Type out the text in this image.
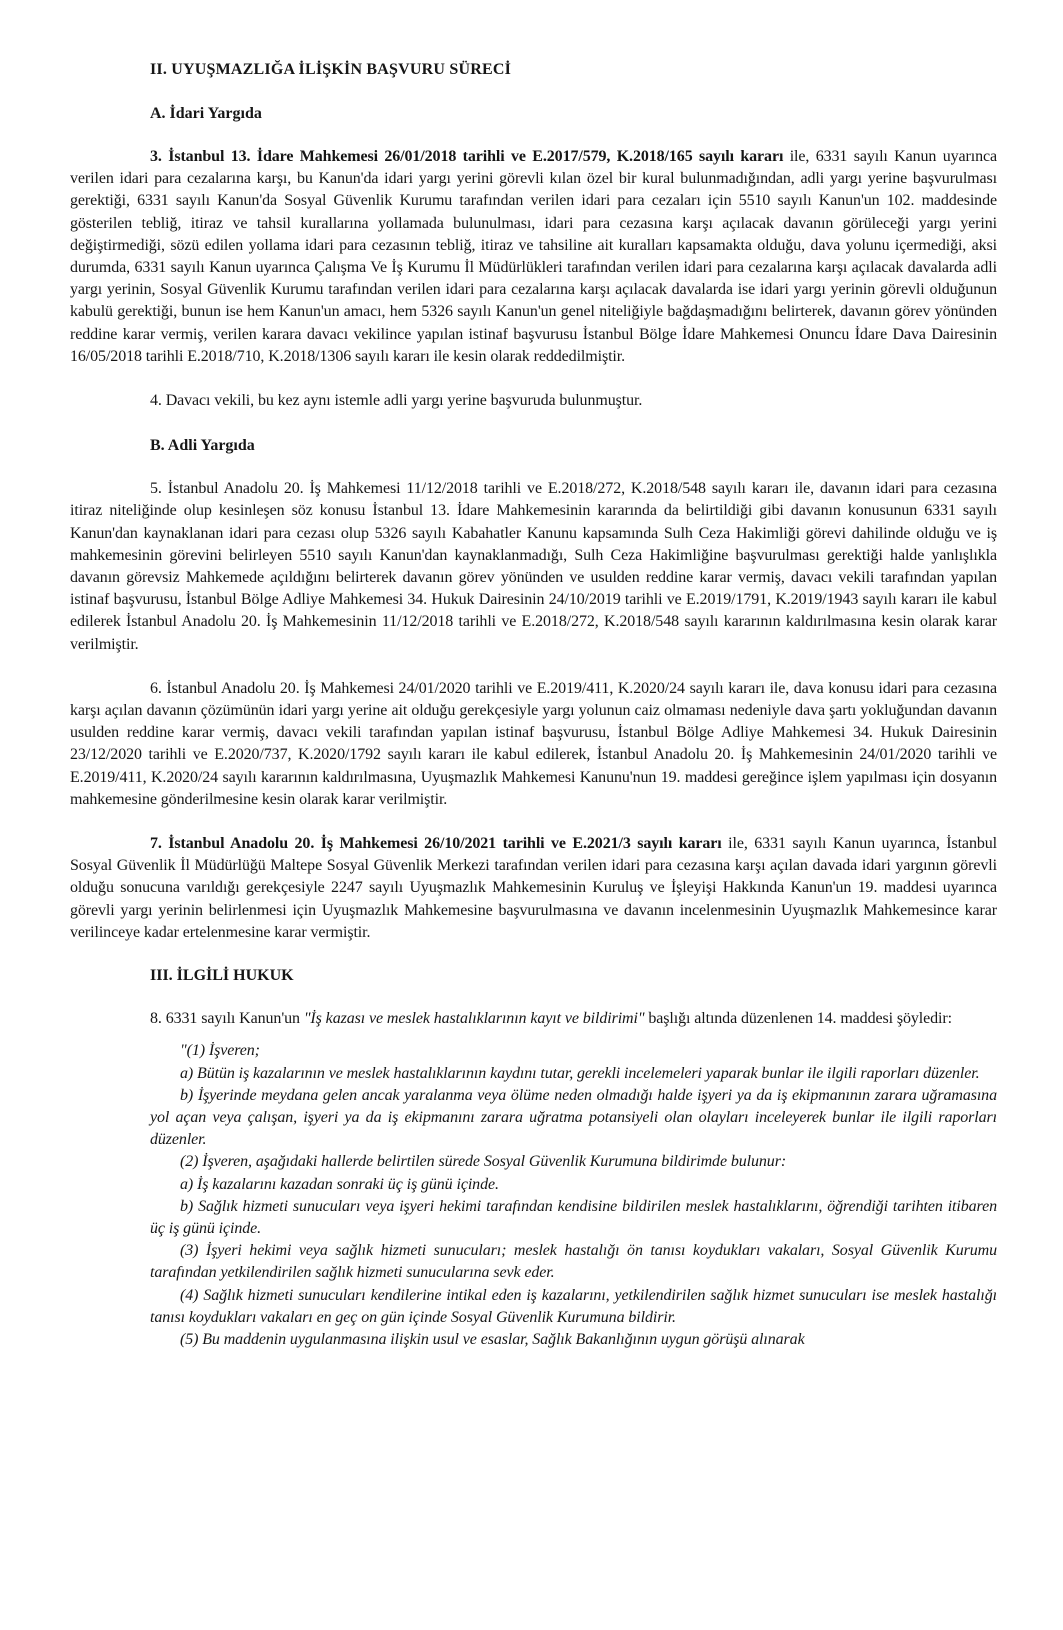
II. UYUŞMAZLIĞA İLİŞKİN BAŞVURU SÜRECİ

A. İdari Yargıda

3. İstanbul 13. İdare Mahkemesi 26/01/2018 tarihli ve E.2017/579, K.2018/165 sayılı kararı ile, 6331 sayılı Kanun uyarınca verilen idari para cezalarına karşı, bu Kanun'da idari yargı yerini görevli kılan özel bir kural bulunmadığından, adli yargı yerine başvurulması gerektiği, 6331 sayılı Kanun'da Sosyal Güvenlik Kurumu tarafından verilen idari para cezaları için 5510 sayılı Kanun'un 102. maddesinde gösterilen tebliğ, itiraz ve tahsil kurallarına yollamada bulunulması, idari para cezasına karşı açılacak davanın görüleceği yargı yerini değiştirmediği, sözü edilen yollama idari para cezasının tebliğ, itiraz ve tahsiline ait kuralları kapsamakta olduğu, dava yolunu içermediği, aksi durumda, 6331 sayılı Kanun uyarınca Çalışma Ve İş Kurumu İl Müdürlükleri tarafından verilen idari para cezalarına karşı açılacak davalarda adli yargı yerinin, Sosyal Güvenlik Kurumu tarafından verilen idari para cezalarına karşı açılacak davalarda ise idari yargı yerinin görevli olduğunun kabulü gerektiği, bunun ise hem Kanun'un amacı, hem 5326 sayılı Kanun'un genel niteliğiyle bağdaşmadığını belirterek, davanın görev yönünden reddine karar vermiş, verilen karara davacı vekilince yapılan istinaf başvurusu İstanbul Bölge İdare Mahkemesi Onuncu İdare Dava Dairesinin 16/05/2018 tarihli E.2018/710, K.2018/1306 sayılı kararı ile kesin olarak reddedilmiştir.

4. Davacı vekili, bu kez aynı istemle adli yargı yerine başvuruda bulunmuştur.

B. Adli Yargıda

5. İstanbul Anadolu 20. İş Mahkemesi 11/12/2018 tarihli ve E.2018/272, K.2018/548 sayılı kararı ile, davanın idari para cezasına itiraz niteliğinde olup kesinleşen söz konusu İstanbul 13. İdare Mahkemesinin kararında da belirtildiği gibi davanın konusunun 6331 sayılı Kanun'dan kaynaklanan idari para cezası olup 5326 sayılı Kabahatler Kanunu kapsamında Sulh Ceza Hakimliği görevi dahilinde olduğu ve iş mahkemesinin görevini belirleyen 5510 sayılı Kanun'dan kaynaklanmadığı, Sulh Ceza Hakimliğine başvurulması gerektiği halde yanlışlıkla davanın görevsiz Mahkemede açıldığını belirterek davanın görev yönünden ve usulden reddine karar vermiş, davacı vekili tarafından yapılan istinaf başvurusu, İstanbul Bölge Adliye Mahkemesi 34. Hukuk Dairesinin 24/10/2019 tarihli ve E.2019/1791, K.2019/1943 sayılı kararı ile kabul edilerek İstanbul Anadolu 20. İş Mahkemesinin 11/12/2018 tarihli ve E.2018/272, K.2018/548 sayılı kararının kaldırılmasına kesin olarak karar verilmiştir.

6. İstanbul Anadolu 20. İş Mahkemesi 24/01/2020 tarihli ve E.2019/411, K.2020/24 sayılı kararı ile, dava konusu idari para cezasına karşı açılan davanın çözümünün idari yargı yerine ait olduğu gerekçesiyle yargı yolunun caiz olmaması nedeniyle dava şartı yokluğundan davanın usulden reddine karar vermiş, davacı vekili tarafından yapılan istinaf başvurusu, İstanbul Bölge Adliye Mahkemesi 34. Hukuk Dairesinin 23/12/2020 tarihli ve E.2020/737, K.2020/1792 sayılı kararı ile kabul edilerek, İstanbul Anadolu 20. İş Mahkemesinin 24/01/2020 tarihli ve E.2019/411, K.2020/24 sayılı kararının kaldırılmasına, Uyuşmazlık Mahkemesi Kanunu'nun 19. maddesi gereğince işlem yapılması için dosyanın mahkemesine gönderilmesine kesin olarak karar verilmiştir.

7. İstanbul Anadolu 20. İş Mahkemesi 26/10/2021 tarihli ve E.2021/3 sayılı kararı ile, 6331 sayılı Kanun uyarınca, İstanbul Sosyal Güvenlik İl Müdürlüğü Maltepe Sosyal Güvenlik Merkezi tarafından verilen idari para cezasına karşı açılan davada idari yargının görevli olduğu sonucuna varıldığı gerekçesiyle 2247 sayılı Uyuşmazlık Mahkemesinin Kuruluş ve İşleyişi Hakkında Kanun'un 19. maddesi uyarınca görevli yargı yerinin belirlenmesi için Uyuşmazlık Mahkemesine başvurulmasına ve davanın incelenmesinin Uyuşmazlık Mahkemesince karar verilinceye kadar ertelenmesine karar vermiştir.

III. İLGİLİ HUKUK

8. 6331 sayılı Kanun'un "İş kazası ve meslek hastalıklarının kayıt ve bildirimi" başlığı altında düzenlenen 14. maddesi şöyledir:

"(1) İşveren;

a) Bütün iş kazalarının ve meslek hastalıklarının kaydını tutar, gerekli incelemeleri yaparak bunlar ile ilgili raporları düzenler.

b) İşyerinde meydana gelen ancak yaralanma veya ölüme neden olmadığı halde işyeri ya da iş ekipmanının zarara uğramasına yol açan veya çalışan, işyeri ya da iş ekipmanını zarara uğratma potansiyeli olan olayları inceleyerek bunlar ile ilgili raporları düzenler.

(2) İşveren, aşağıdaki hallerde belirtilen sürede Sosyal Güvenlik Kurumuna bildirimde bulunur:

a) İş kazalarını kazadan sonraki üç iş günü içinde.

b) Sağlık hizmeti sunucuları veya işyeri hekimi tarafından kendisine bildirilen meslek hastalıklarını, öğrendiği tarihten itibaren üç iş günü içinde.

(3) İşyeri hekimi veya sağlık hizmeti sunucuları; meslek hastalığı ön tanısı koydukları vakaları, Sosyal Güvenlik Kurumu tarafından yetkilendirilen sağlık hizmeti sunucularına sevk eder.

(4) Sağlık hizmeti sunucuları kendilerine intikal eden iş kazalarını, yetkilendirilen sağlık hizmet sunucuları ise meslek hastalığı tanısı koydukları vakaları en geç on gün içinde Sosyal Güvenlik Kurumuna bildirir.

(5) Bu maddenin uygulanmasına ilişkin usul ve esaslar, Sağlık Bakanlığının uygun görüşü alınarak
